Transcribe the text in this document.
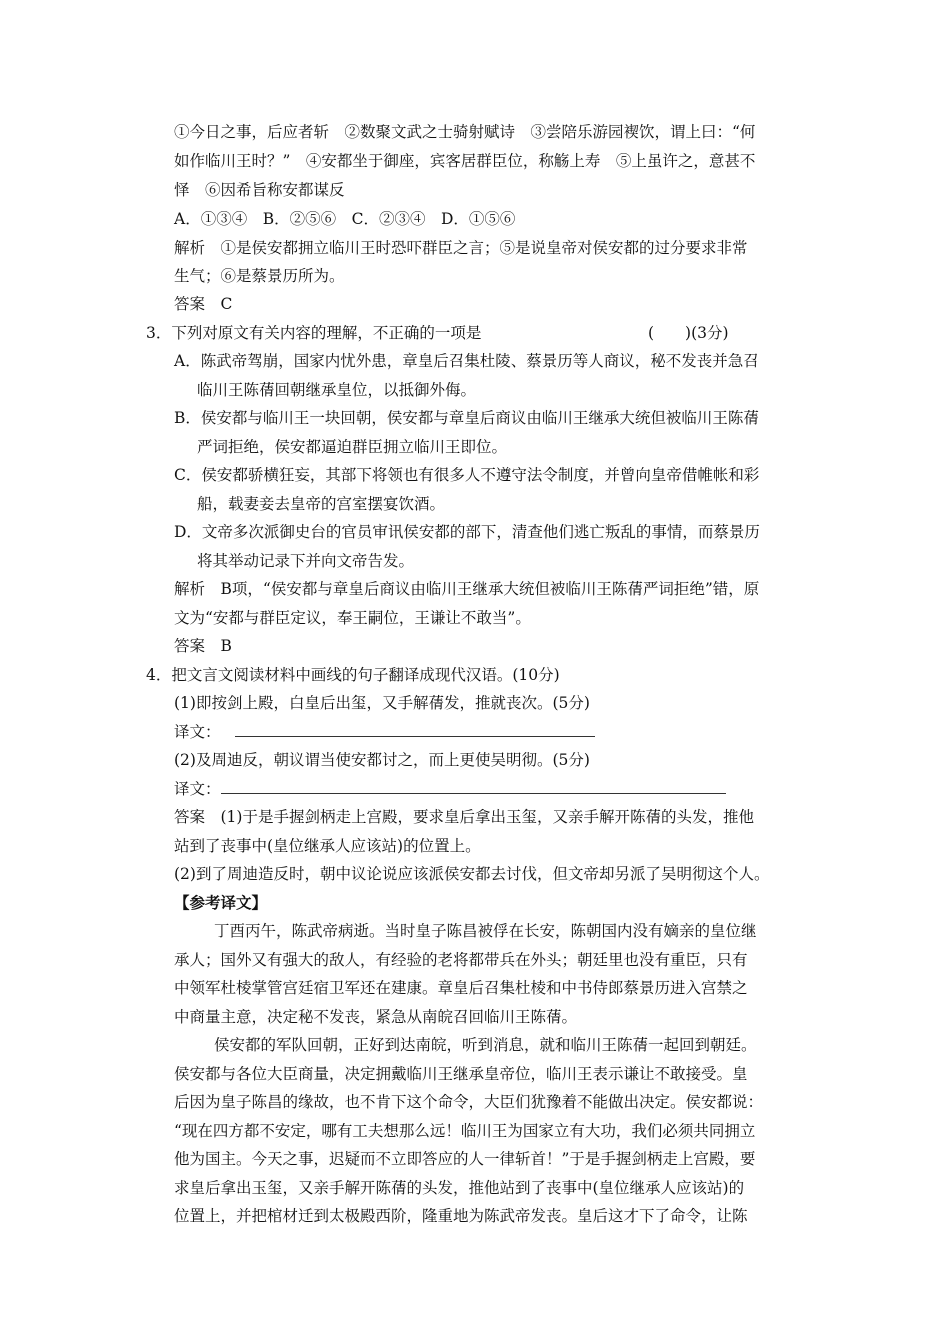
①今日之事，后应者斩　②数聚文武之士骑射赋诗　③尝陪乐游园褉饮，谓上曰：“何
如作临川王时？”　④安都坐于御座，宾客居群臣位，称觞上寿　⑤上虽许之，意甚不
怿　⑥因希旨称安都谋反
A．①③④　B．②⑤⑥　C．②③④　D．①⑤⑥
解析　①是侯安都拥立临川王时恐吓群臣之言；⑤是说皇帝对侯安都的过分要求非常
生气；⑥是蔡景历所为。
答案　C
3．下列对原文有关内容的理解，不正确的一项是	(　　)(3分)
A．陈武帝驾崩，国家内忧外患，章皇后召集杜陵、蔡景历等人商议，秘不发丧并急召
临川王陈蒨回朝继承皇位，以抵御外侮。
B．侯安都与临川王一块回朝，侯安都与章皇后商议由临川王继承大统但被临川王陈蒨
严词拒绝，侯安都逼迫群臣拥立临川王即位。
C．侯安都骄横狂妄，其部下将领也有很多人不遵守法令制度，并曾向皇帝借帷帐和彩
船，载妻妾去皇帝的宫室摆宴饮酒。
D．文帝多次派御史台的官员审讯侯安都的部下，清查他们逃亡叛乱的事情，而蔡景历
将其举动记录下并向文帝告发。
解析　B项，“侯安都与章皇后商议由临川王继承大统但被临川王陈蒨严词拒绝”错，原
文为“安都与群臣定议，奉王嗣位，王谦让不敢当”。
答案　B
4．把文言文阅读材料中画线的句子翻译成现代汉语。(10分)
(1)即按剑上殿，白皇后出玺，又手解蒨发，推就丧次。(5分)
译文：
(2)及周迪反，朝议谓当使安都讨之，而上更使吴明彻。(5分)
译文：
答案　(1)于是手握剑柄走上宫殿，要求皇后拿出玉玺，又亲手解开陈蒨的头发，推他
站到了丧事中(皇位继承人应该站)的位置上。
(2)到了周迪造反时，朝中议论说应该派侯安都去讨伐，但文帝却另派了吴明彻这个人。
【参考译文】
丁酉丙午，陈武帝病逝。当时皇子陈昌被俘在长安，陈朝国内没有嫡亲的皇位继
承人；国外又有强大的敌人，有经验的老将都带兵在外头；朝廷里也没有重臣，只有
中领军杜棱掌管宫廷宿卫军还在建康。章皇后召集杜棱和中书侍郎蔡景历进入宫禁之
中商量主意，决定秘不发丧，紧急从南皖召回临川王陈蒨。
侯安都的军队回朝，正好到达南皖，听到消息，就和临川王陈蒨一起回到朝廷。
侯安都与各位大臣商量，决定拥戴临川王继承皇帝位，临川王表示谦让不敢接受。皇
后因为皇子陈昌的缘故，也不肯下这个命令，大臣们犹豫着不能做出决定。侯安都说：
“现在四方都不安定，哪有工夫想那么远！临川王为国家立有大功，我们必须共同拥立
他为国主。今天之事，迟疑而不立即答应的人一律斩首！”于是手握剑柄走上宫殿，要
求皇后拿出玉玺，又亲手解开陈蒨的头发，推他站到了丧事中(皇位继承人应该站)的
位置上，并把棺材迁到太极殿西阶，隆重地为陈武帝发丧。皇后这才下了命令，让陈
